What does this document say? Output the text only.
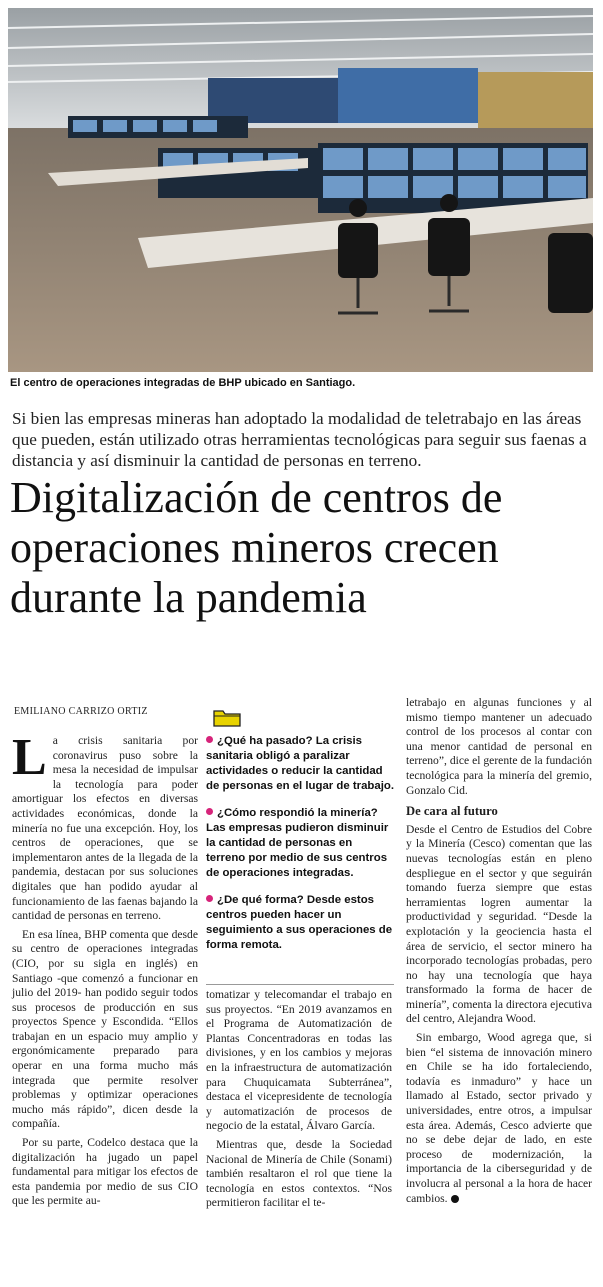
El centro de operaciones integradas de BHP ubicado en Santiago.

Si bien las empresas mineras han adoptado la modalidad de teletrabajo en las áreas que pueden, están utilizado otras herramientas tecnológicas para seguir sus faenas a distancia y así disminuir la cantidad de personas en terreno.

Digitalización de centros de operaciones mineros crecen durante la pandemia
EMILIANO CARRIZO ORTIZ

La crisis sanitaria por coronavirus puso sobre la mesa la necesidad de impulsar la tecnología para poder amortiguar los efectos en diversas actividades económicas, donde la minería no fue una excepción. Hoy, los centros de operaciones, que se implementaron antes de la llegada de la pandemia, destacan por sus soluciones digitales que han podido ayudar al funcionamiento de las faenas bajando la cantidad de personas en terreno.

En esa línea, BHP comenta que desde su centro de operaciones integradas (CIO, por su sigla en inglés) en Santiago -que comenzó a funcionar en julio del 2019- han podido seguir todos sus procesos de producción en sus proyectos Spence y Escondida. “Ellos trabajan en un espacio muy amplio y ergonómicamente preparado para operar en una forma mucho más integrada que permite resolver problemas y optimizar operaciones mucho más rápido”, dicen desde la compañía.

Por su parte, Codelco destaca que la digitalización ha jugado un papel fundamental para mitigar los efectos de esta pandemia por medio de sus CIO que les permite au-

¿Qué ha pasado? La crisis sanitaria obligó a paralizar actividades o reducir la cantidad de personas en el lugar de trabajo.
¿Cómo respondió la minería? Las empresas pudieron disminuir la cantidad de personas en terreno por medio de sus centros de operaciones integradas.
¿De qué forma? Desde estos centros pueden hacer un seguimiento a sus operaciones de forma remota.

tomatizar y telecomandar el trabajo en sus proyectos. “En 2019 avanzamos en el Programa de Automatización de Plantas Concentradoras en todas las divisiones, y en los cambios y mejoras en la infraestructura de automatización para Chuquicamata Subterránea”, destaca el vicepresidente de tecnología y automatización de procesos de negocio de la estatal, Álvaro García.

Mientras que, desde la Sociedad Nacional de Minería de Chile (Sonami) también resaltaron el rol que tiene la tecnología en estos contextos. “Nos permitieron facilitar el te-

letrabajo en algunas funciones y al mismo tiempo mantener un adecuado control de los procesos al contar con una menor cantidad de personal en terreno”, dice el gerente de la fundación tecnológica para la minería del gremio, Gonzalo Cid.

De cara al futuro

Desde el Centro de Estudios del Cobre y la Minería (Cesco) comentan que las nuevas tecnologías están en pleno despliegue en el sector y que seguirán tomando fuerza siempre que estas herramientas logren aumentar la productividad y seguridad. “Desde la explotación y la geociencia hasta el área de servicio, el sector minero ha incorporado tecnologías probadas, pero no hay una tecnología que haya transformado la forma de hacer de minería”, comenta la directora ejecutiva del centro, Alejandra Wood.

Sin embargo, Wood agrega que, si bien “el sistema de innovación minero en Chile se ha ido fortaleciendo, todavía es inmaduro” y hace un llamado al Estado, sector privado y universidades, entre otros, a impulsar esta área. Además, Cesco advierte que no se debe dejar de lado, en este proceso de modernización, la importancia de la ciberseguridad y de involucra al personal a la hora de hacer cambios.
